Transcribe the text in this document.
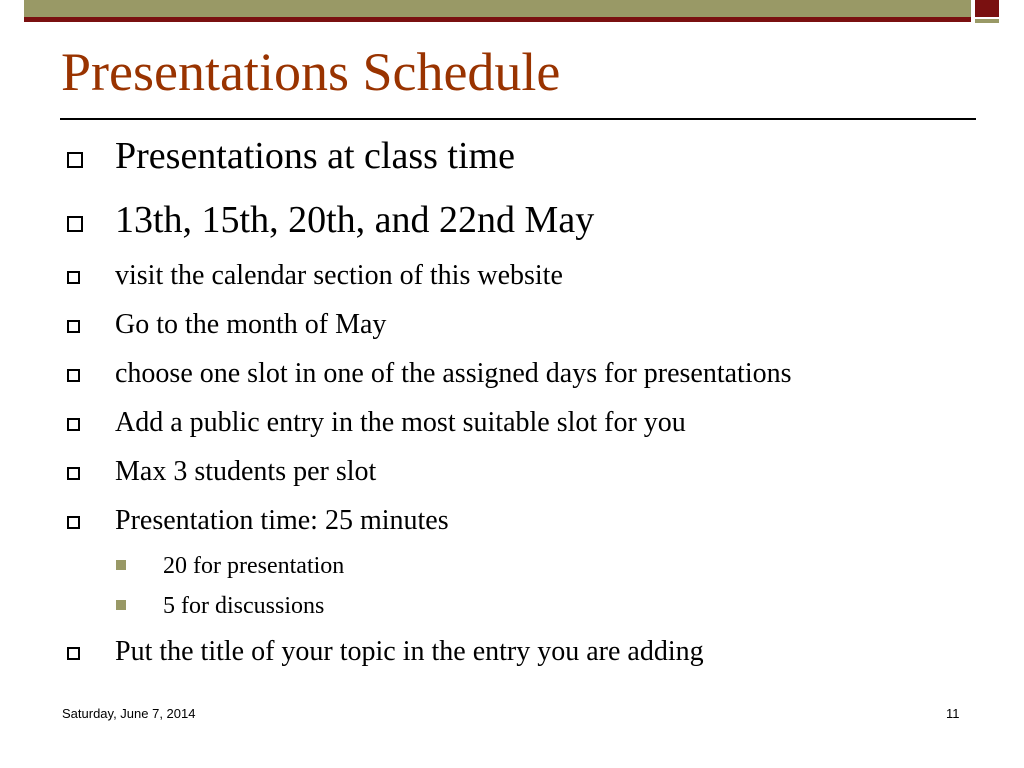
Presentations Schedule
Presentations at class time
13th, 15th, 20th, and 22nd May
visit the calendar section of this website
Go to the month of May
choose one slot in one of the assigned days for presentations
Add a public entry in the most suitable slot for you
Max 3 students per slot
Presentation time: 25 minutes
20 for presentation
5 for discussions
Put the title of your topic in the entry you are adding
Saturday, June 7, 2014	11
